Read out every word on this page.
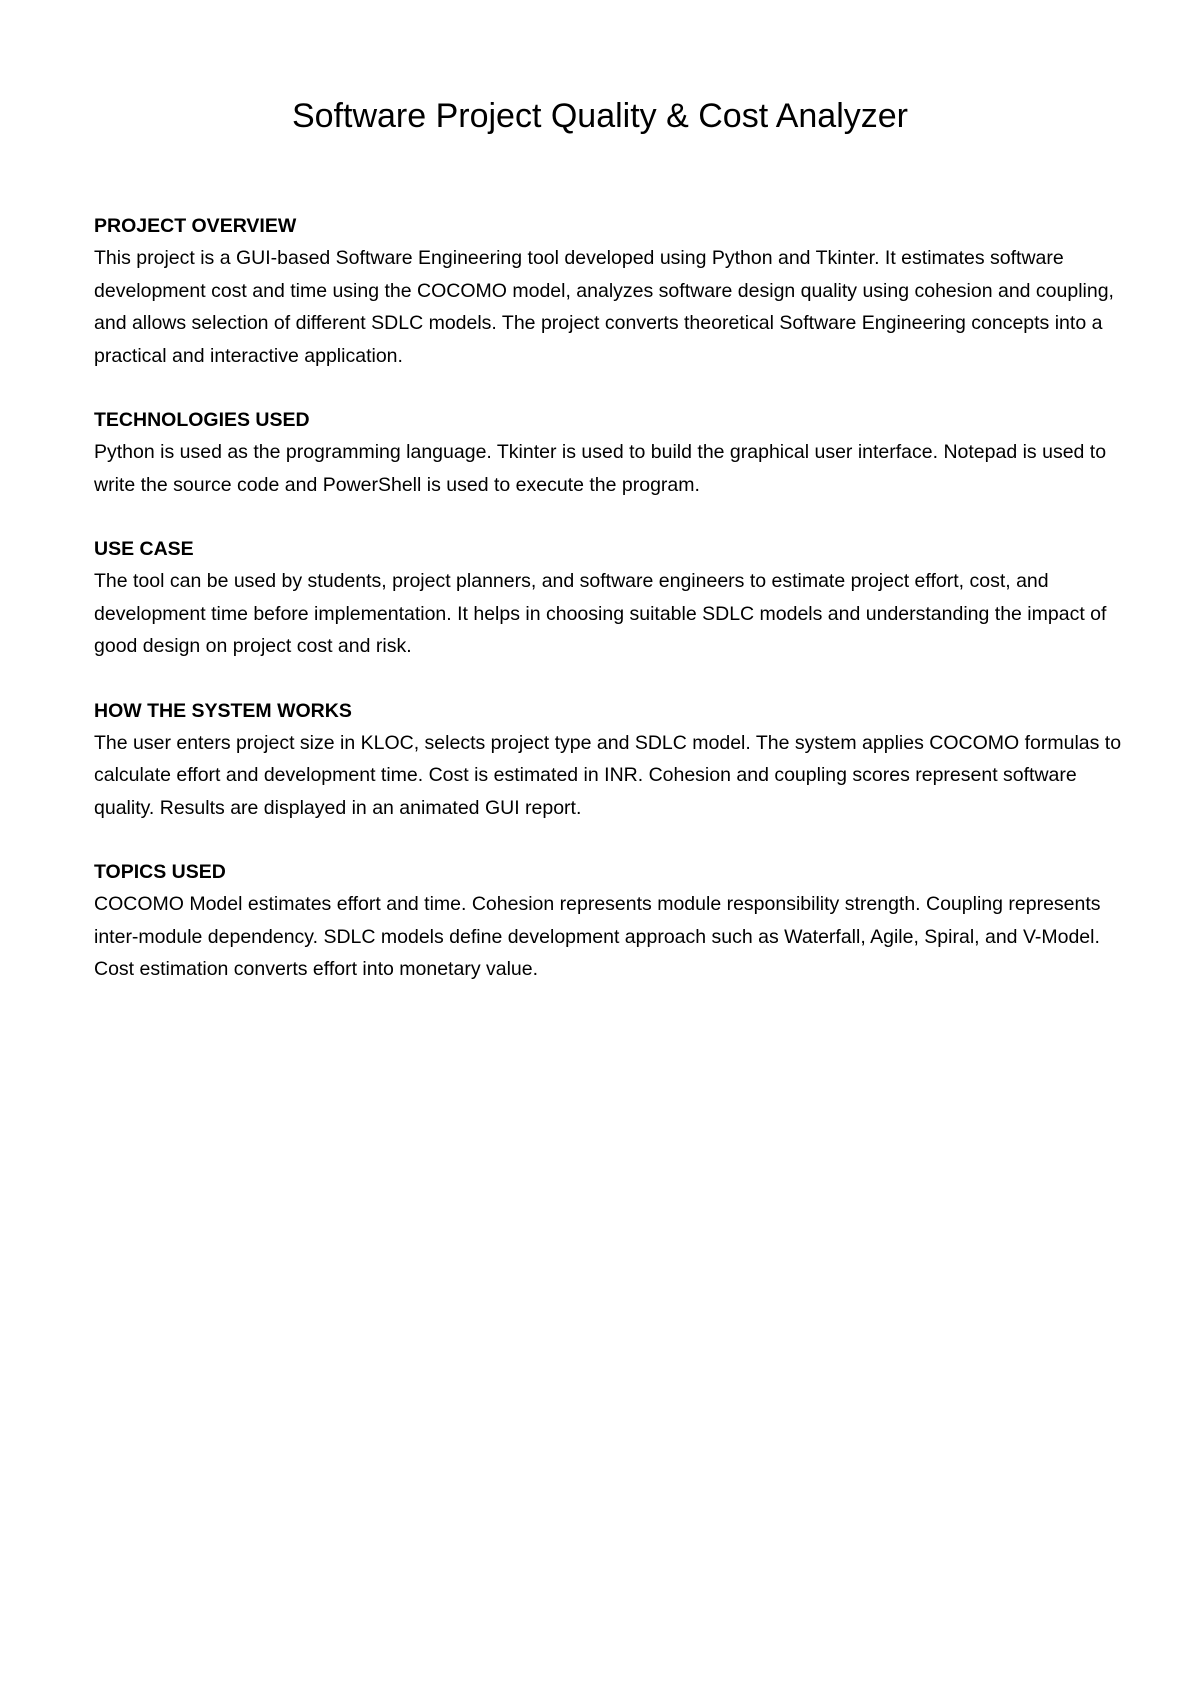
Software Project Quality & Cost Analyzer

PROJECT OVERVIEW

This project is a GUI-based Software Engineering tool developed using Python and Tkinter. It estimates software development cost and time using the COCOMO model, analyzes software design quality using cohesion and coupling, and allows selection of different SDLC models. The project converts theoretical Software Engineering concepts into a practical and interactive application.

TECHNOLOGIES USED

Python is used as the programming language. Tkinter is used to build the graphical user interface. Notepad is used to write the source code and PowerShell is used to execute the program.

USE CASE

The tool can be used by students, project planners, and software engineers to estimate project effort, cost, and development time before implementation. It helps in choosing suitable SDLC models and understanding the impact of good design on project cost and risk.

HOW THE SYSTEM WORKS

The user enters project size in KLOC, selects project type and SDLC model. The system applies COCOMO formulas to calculate effort and development time. Cost is estimated in INR. Cohesion and coupling scores represent software quality. Results are displayed in an animated GUI report.

TOPICS USED

COCOMO Model estimates effort and time. Cohesion represents module responsibility strength. Coupling represents inter-module dependency. SDLC models define development approach such as Waterfall, Agile, Spiral, and V-Model. Cost estimation converts effort into monetary value.
